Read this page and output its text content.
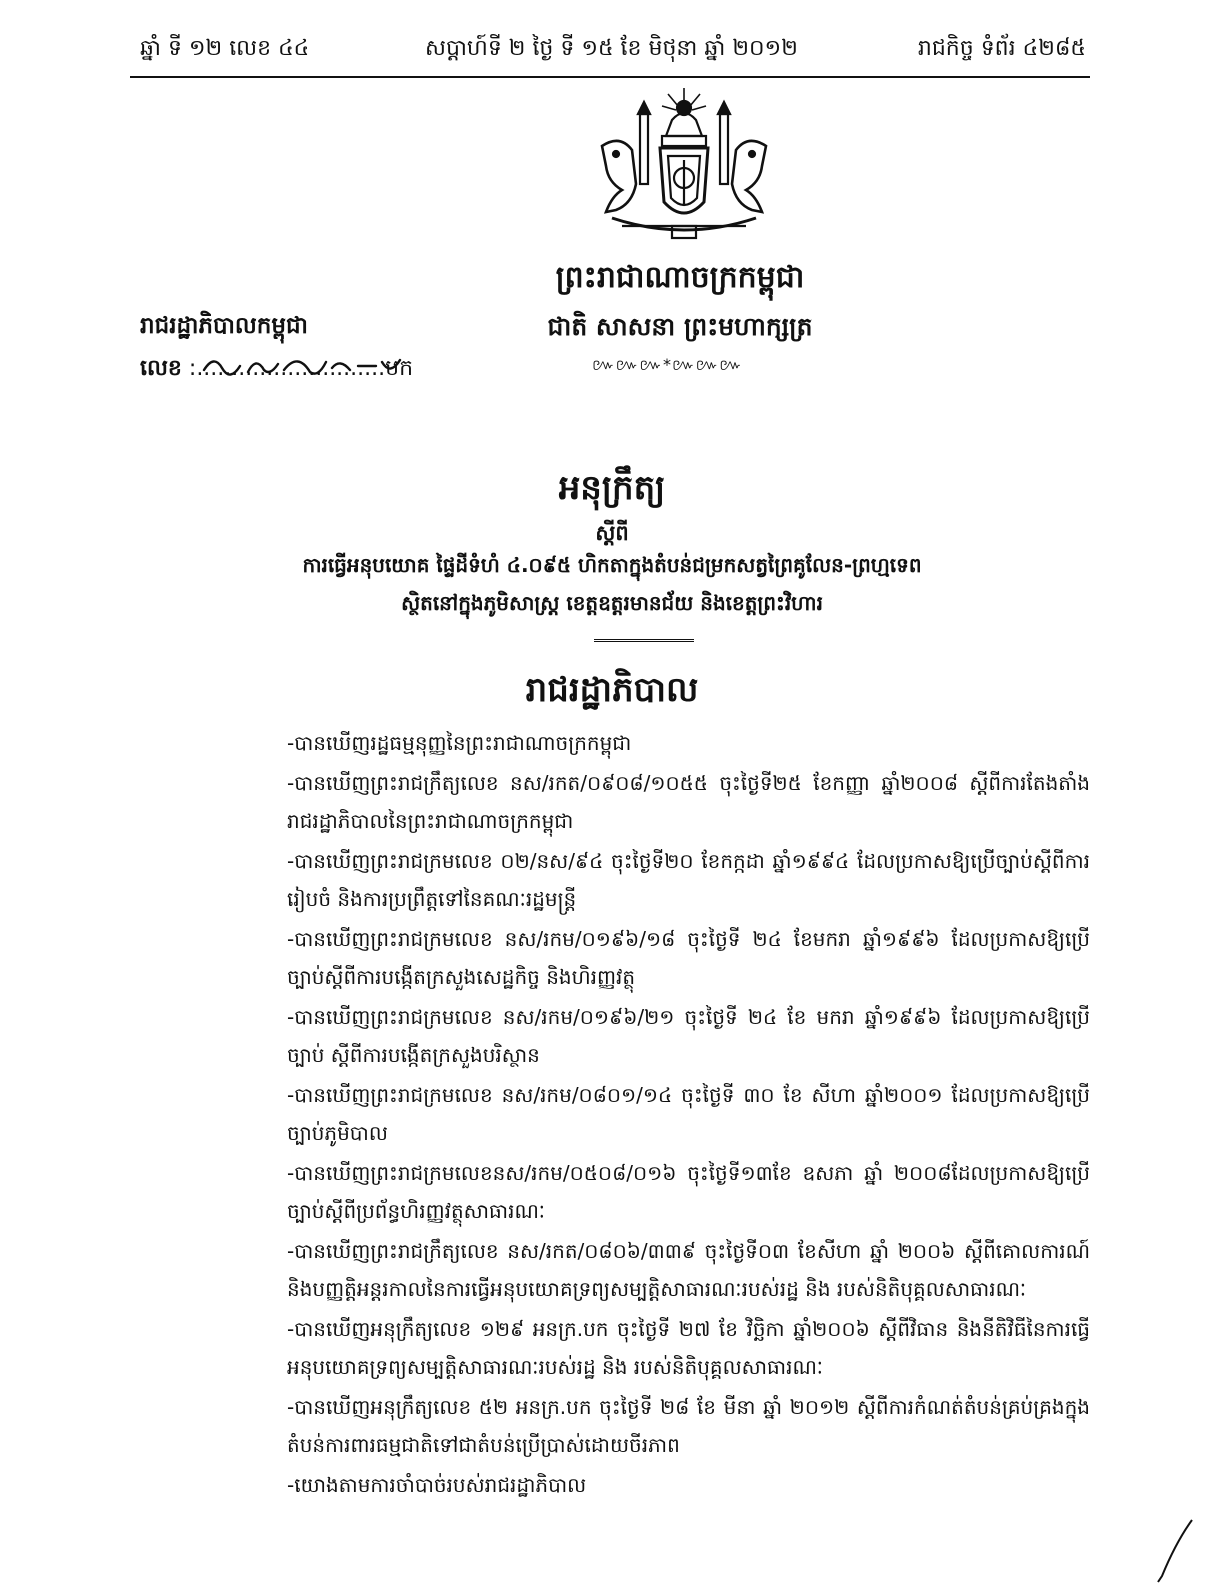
ឆ្នាំ ទី ១២ លេខ ៤៤	សប្តាហ៍ទី ២ ថ្ងៃ ទី ១៥ ខែ មិថុនា ឆ្នាំ ២០១២	រាជកិច្ច ទំព័រ ៤២៨៥
ព្រះរាជាណាចក្រកម្ពុជា
ជាតិ សាសនា ព្រះមហាក្សត្រ
៚៚៚*៚៚៚
រាជរដ្ឋាភិបាលកម្ពុជា
លេខ :...........................បក
អនុក្រឹត្យ
ស្តីពី
ការធ្វើអនុបយោគ ផ្ទៃដីទំហំ ៤.០៩៥ ហិកតាក្នុងតំបន់ជម្រកសត្វព្រៃគូលែន-ព្រហ្មទេព
ស្ថិតនៅក្នុងភូមិសាស្ត្រ ខេត្តឧត្តរមានជ័យ និងខេត្តព្រះវិហារ
រាជរដ្ឋាភិបាល
-បានឃើញរដ្ឋធម្មនុញ្ញនៃព្រះរាជាណាចក្រកម្ពុជា
-បានឃើញព្រះរាជក្រឹត្យលេខ នស/រកត/០៩០៨/១០៥៥ ចុះថ្ងៃទី២៥ ខែកញ្ញា ឆ្នាំ២០០៨ ស្តីពីការតែងតាំងរាជរដ្ឋាភិបាលនៃព្រះរាជាណាចក្រកម្ពុជា
-បានឃើញព្រះរាជក្រមលេខ ០២/នស/៩៤ ចុះថ្ងៃទី២០ ខែកក្កដា ឆ្នាំ១៩៩៤ ដែលប្រកាសឱ្យប្រើច្បាប់ស្តីពីការរៀបចំ និងការប្រព្រឹត្តទៅនៃគណៈរដ្ឋមន្ត្រី
-បានឃើញព្រះរាជក្រមលេខ នស/រកម/០១៩៦/១៨ ចុះថ្ងៃទី ២៤ ខែមករា ឆ្នាំ១៩៩៦ ដែលប្រកាសឱ្យប្រើច្បាប់ស្តីពីការបង្កើតក្រសួងសេដ្ឋកិច្ច និងហិរញ្ញវត្ថុ
-បានឃើញព្រះរាជក្រមលេខ នស/រកម/០១៩៦/២១ ចុះថ្ងៃទី ២៤ ខែ មករា ឆ្នាំ១៩៩៦ ដែលប្រកាសឱ្យប្រើច្បាប់ ស្តីពីការបង្កើតក្រសួងបរិស្ថាន
-បានឃើញព្រះរាជក្រមលេខ នស/រកម/០៨០១/១៤ ចុះថ្ងៃទី ៣០ ខែ សីហា ឆ្នាំ២០០១ ដែលប្រកាសឱ្យប្រើច្បាប់ភូមិបាល
-បានឃើញព្រះរាជក្រមលេខនស/រកម/០៥០៨/០១៦ ចុះថ្ងៃទី១៣ខែ ឧសភា ឆ្នាំ ២០០៨ដែលប្រកាសឱ្យប្រើច្បាប់ស្តីពីប្រព័ន្ធហិរញ្ញវត្ថុសាធារណៈ
-បានឃើញព្រះរាជក្រឹត្យលេខ នស/រកត/០៨០៦/៣៣៩ ចុះថ្ងៃទី០៣ ខែសីហា ឆ្នាំ ២០០៦ ស្តីពីគោលការណ៍ និងបញ្ញត្តិអន្តរកាលនៃការធ្វើអនុបយោគទ្រព្យសម្បត្តិសាធារណៈរបស់រដ្ឋ និង របស់និតិបុគ្គលសាធារណៈ
-បានឃើញអនុក្រឹត្យលេខ ១២៩ អនក្រ.បក ចុះថ្ងៃទី ២៧ ខែ វិច្ឆិកា ឆ្នាំ២០០៦ ស្តីពីវិធាន និងនីតិវិធីនៃការធ្វើអនុបយោគទ្រព្យសម្បត្តិសាធារណៈរបស់រដ្ឋ និង របស់និតិបុគ្គលសាធារណៈ
-បានឃើញអនុក្រឹត្យលេខ ៥២ អនក្រ.បក ចុះថ្ងៃទី ២៨ ខែ មីនា ឆ្នាំ ២០១២ ស្តីពីការកំណត់តំបន់គ្រប់គ្រងក្នុងតំបន់ការពារធម្មជាតិទៅជាតំបន់ប្រើប្រាស់ដោយចីរភាព
-យោងតាមការចាំបាច់របស់រាជរដ្ឋាភិបាល
